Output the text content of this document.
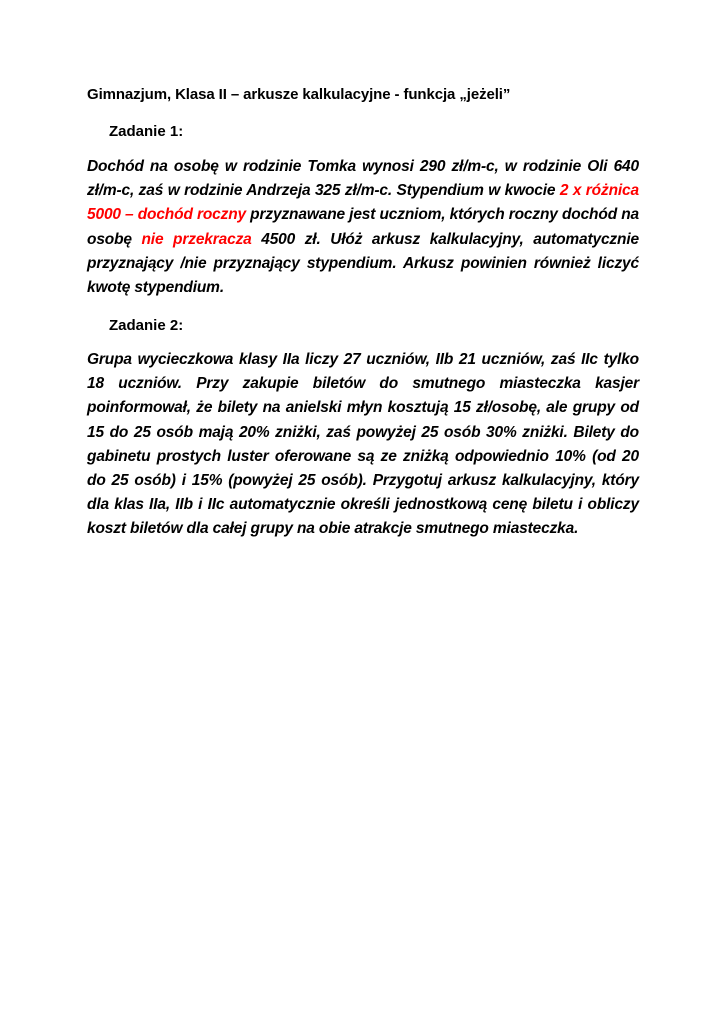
Gimnazjum, Klasa II – arkusze kalkulacyjne - funkcja „jeżeli”
Zadanie 1:
Dochód na osobę w rodzinie Tomka wynosi 290 zł/m-c, w rodzinie Oli 640 zł/m-c, zaś w rodzinie Andrzeja 325 zł/m-c. Stypendium w kwocie 2 x różnica 5000 – dochód roczny przyznawane jest uczniom, których roczny dochód na osobę nie przekracza 4500 zł. Ułóż arkusz kalkulacyjny, automatycznie przyznający /nie przyznający stypendium. Arkusz powinien również liczyć kwotę stypendium.
Zadanie 2:
Grupa wycieczkowa klasy IIa liczy 27 uczniów, IIb 21 uczniów, zaś IIc tylko 18 uczniów. Przy zakupie biletów do smutnego miasteczka kasjer poinformował, że bilety na anielski młyn kosztują 15 zł/osobę, ale grupy od 15 do 25 osób mają 20% zniżki, zaś powyżej 25 osób 30% zniżki. Bilety do gabinetu prostych luster oferowane są ze zniżką odpowiednio 10% (od 20 do 25 osób) i 15% (powyżej 25 osób). Przygotuj arkusz kalkulacyjny, który dla klas IIa, IIb i IIc automatycznie określi jednostkową cenę biletu i obliczy koszt biletów dla całej grupy na obie atrakcje smutnego miasteczka.
